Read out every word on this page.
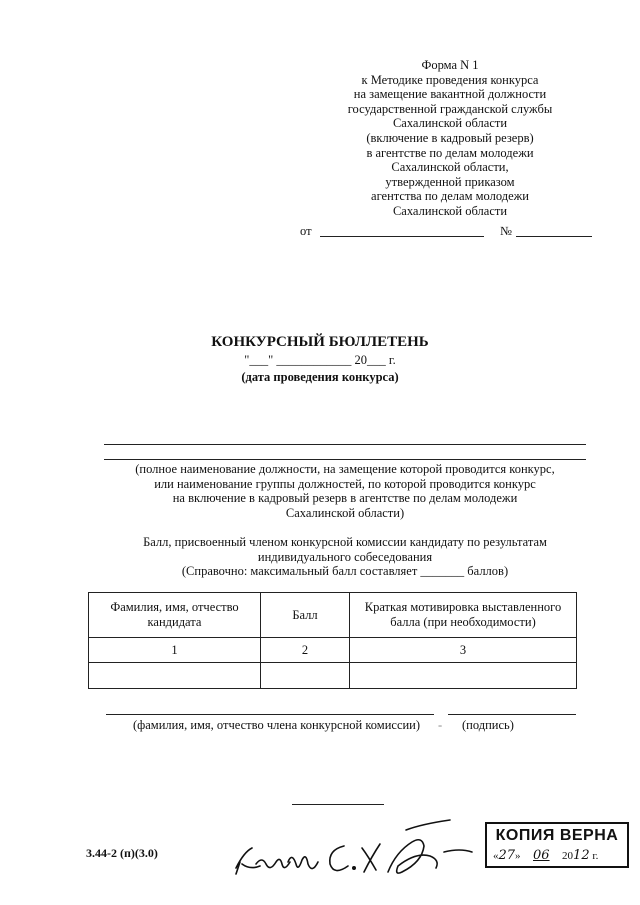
Форма N 1
к Методике проведения конкурса
на замещение вакантной должности
государственной гражданской службы
Сахалинской области
(включение в кадровый резерв)
в агентстве по делам молодежи
Сахалинской области,
утвержденной приказом
агентства по делам молодежи
Сахалинской области
от	№
КОНКУРСНЫЙ БЮЛЛЕТЕНЬ
"___" ____________ 20___ г.
(дата проведения конкурса)
(полное наименование должности, на замещение которой проводится конкурс,
или наименование группы должностей, по которой проводится конкурс
на включение в кадровый резерв в агентстве по делам молодежи
Сахалинской области)
Балл, присвоенный членом конкурсной комиссии кандидату по результатам
индивидуального собеседования
(Справочно: максимальный балл составляет _______ баллов)
Фамилия, имя, отчество кандидата	Балл	Краткая мотивировка выставленного балла (при необходимости)
1	2	3

(фамилия, имя, отчество члена конкурсной комиссии) - (подпись)
3.44-2 (п)(3.0)
КОПИЯ ВЕРНА
«27» 06 2012 г.
